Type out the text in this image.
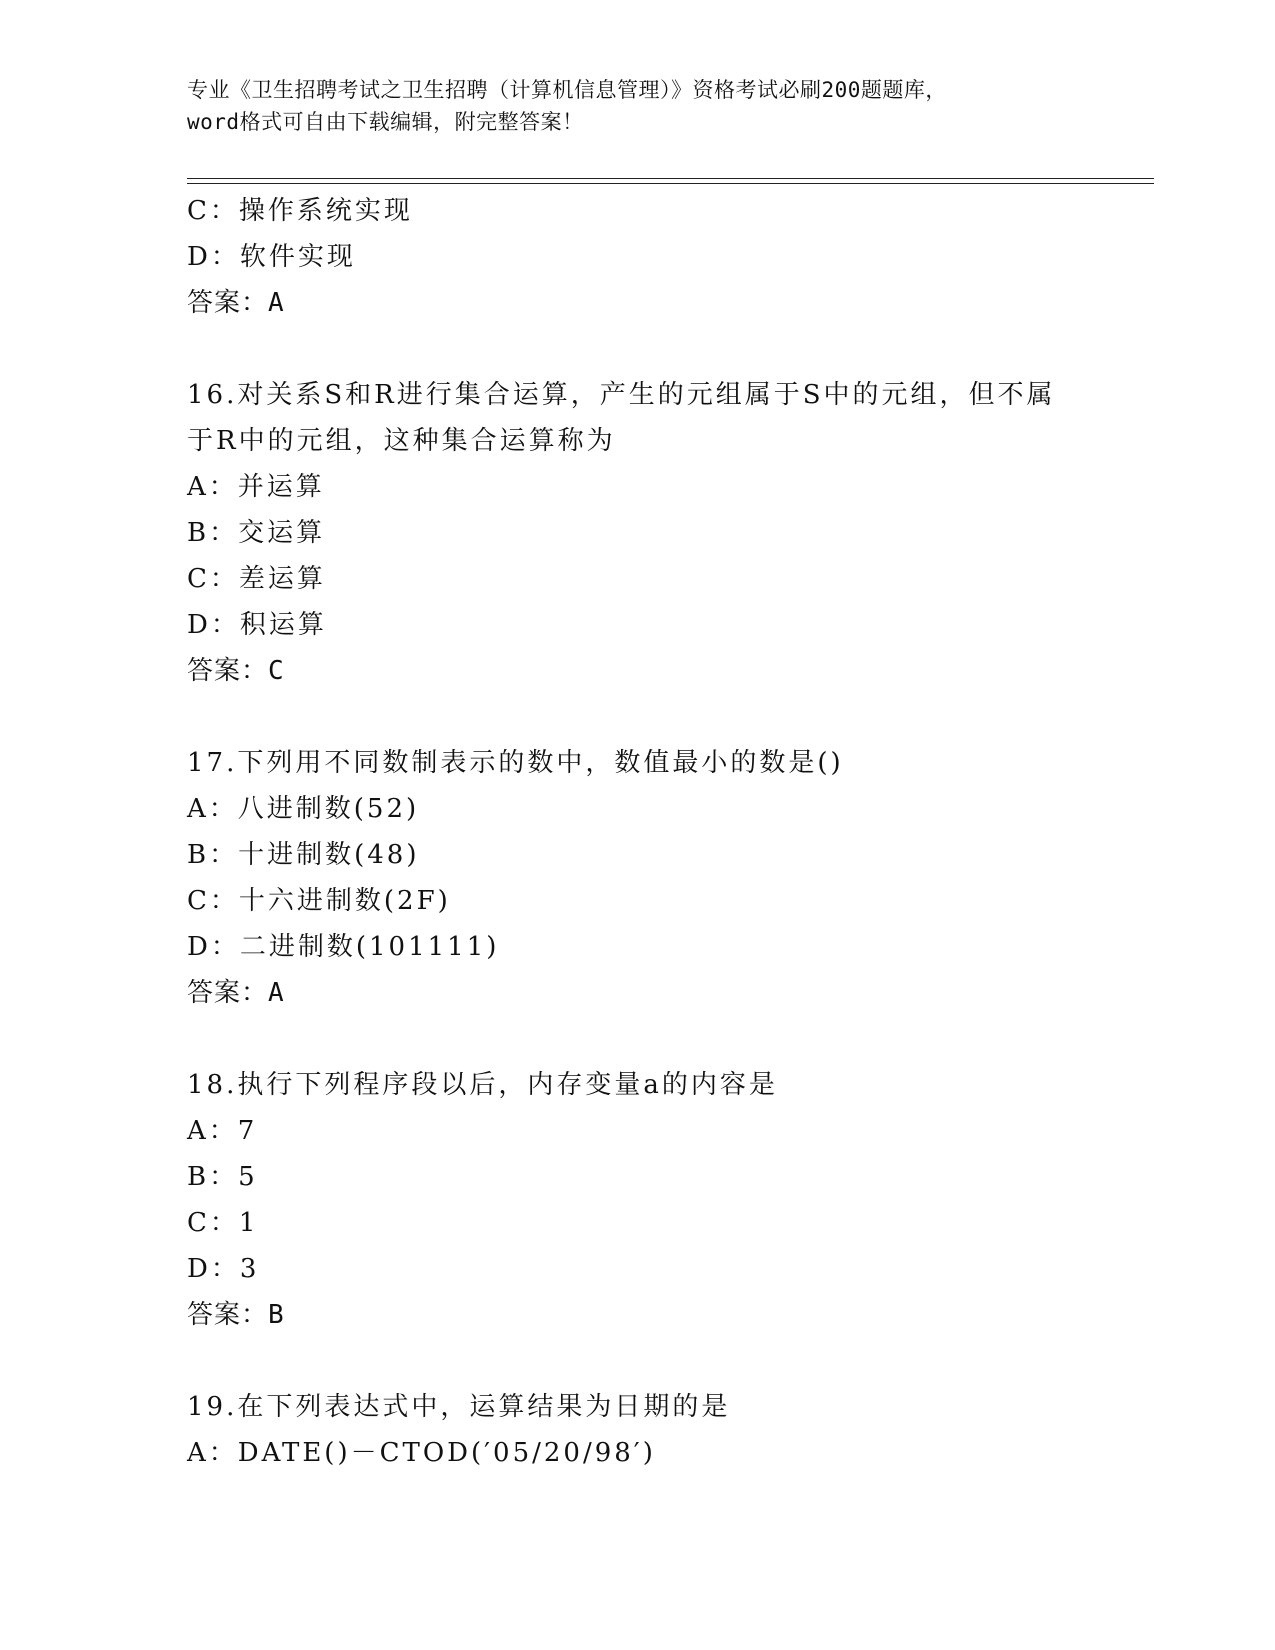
专业《卫生招聘考试之卫生招聘（计算机信息管理）》资格考试必刷200题题库，
word格式可自由下载编辑，附完整答案！
C：操作系统实现
D：软件实现
答案：A
16.对关系S和R进行集合运算，产生的元组属于S中的元组，但不属
于R中的元组，这种集合运算称为
A：并运算
B：交运算
C：差运算
D：积运算
答案：C
17.下列用不同数制表示的数中，数值最小的数是()
A：八进制数(52)
B：十进制数(48)
C：十六进制数(2F)
D：二进制数(101111)
答案：A
18.执行下列程序段以后，内存变量a的内容是
A：7
B：5
C：1
D：3
答案：B
19.在下列表达式中，运算结果为日期的是
A：DATE()－CTOD(′05/20/98′)
